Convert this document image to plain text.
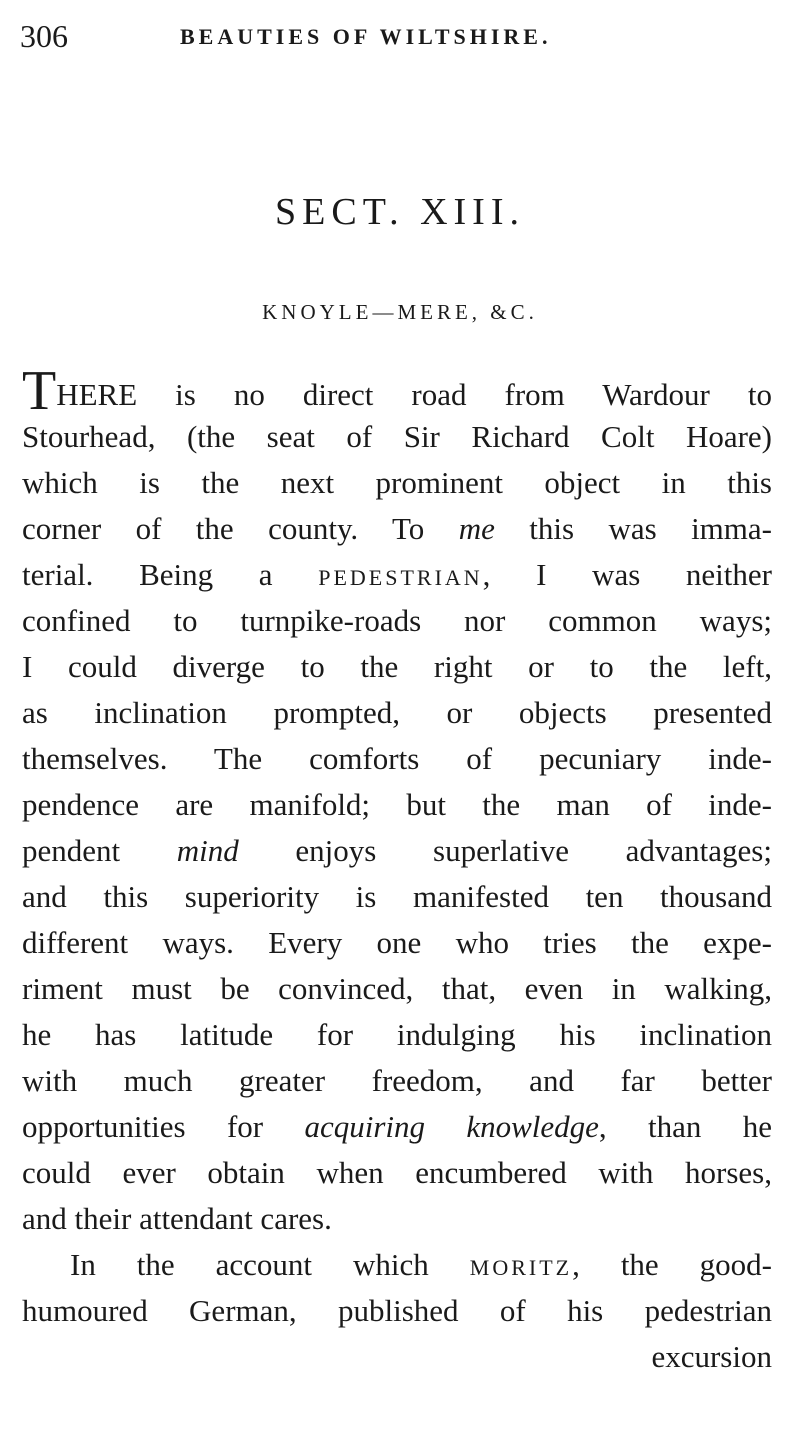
306	BEAUTIES OF WILTSHIRE.
SECT. XIII.
KNOYLE—MERE, &C.
THERE is no direct road from Wardour to
Stourhead, (the seat of Sir Richard Colt Hoare)
which is the next prominent object in this
corner of the county. To me this was imma-
terial. Being a PEDESTRIAN, I was neither
confined to turnpike-roads nor common ways;
I could diverge to the right or to the left,
as inclination prompted, or objects presented
themselves. The comforts of pecuniary inde-
pendence are manifold; but the man of inde-
pendent mind enjoys superlative advantages;
and this superiority is manifested ten thousand
different ways. Every one who tries the expe-
riment must be convinced, that, even in walking,
he has latitude for indulging his inclination
with much greater freedom, and far better
opportunities for acquiring knowledge, than he
could ever obtain when encumbered with horses,
and their attendant cares.
In the account which MORITZ, the good-
humoured German, published of his pedestrian
excursion
